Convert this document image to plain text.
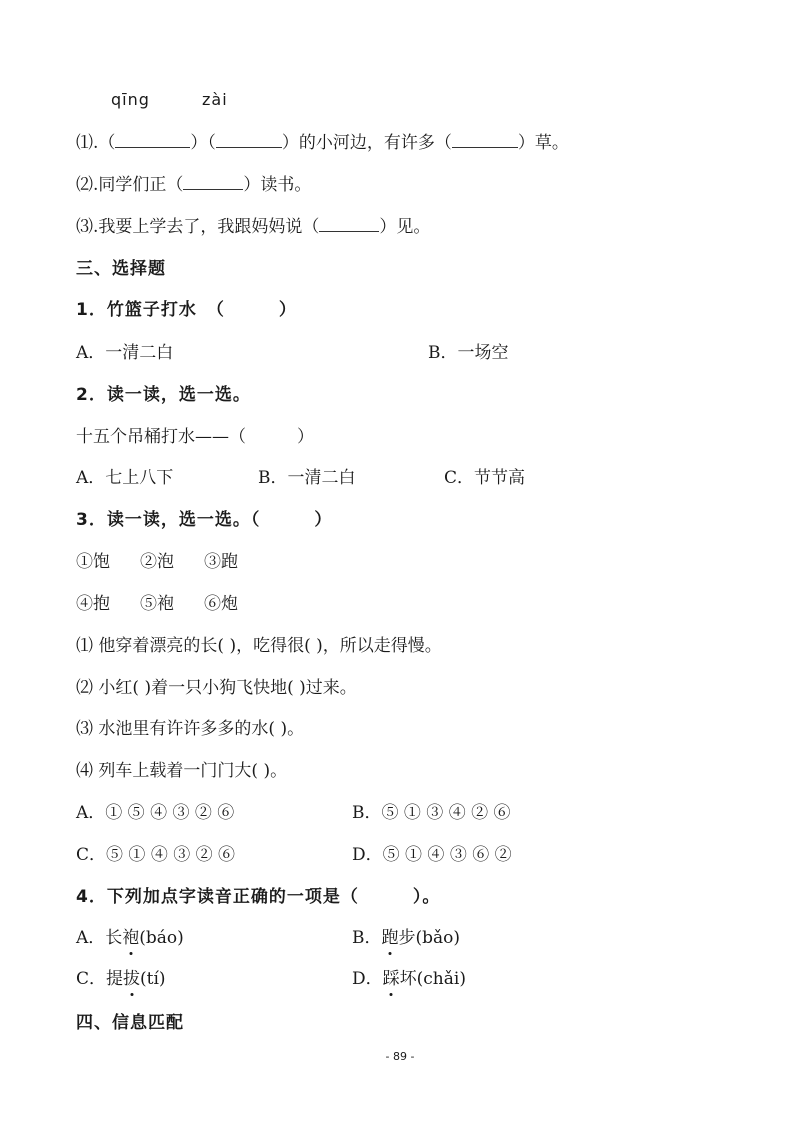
qīng	zài
⑴.（	）（	）的小河边，有许多（	）草。
⑵.同学们正（	）读书。
⑶.我要上学去了，我跟妈妈说（	）见。
三、选择题
1．竹篮子打水 （　　　）
A．一清二白	B．一场空
2．读一读，选一选。
十五个吊桶打水——（　　　）
A．七上八下	B．一清二白	C．节节高
3．读一读，选一选。（　　　）
①饱 ②泡 ③跑
④抱 ⑤袍 ⑥炮
⑴ 他穿着漂亮的长( )，吃得很( )，所以走得慢。
⑵ 小红( )着一只小狗飞快地( )过来。
⑶ 水池里有许许多多的水( )。
⑷ 列车上载着一门门大( )。
A．① ⑤ ④ ③ ② ⑥	B．⑤ ① ③ ④ ② ⑥
C．⑤ ① ④ ③ ② ⑥	D．⑤ ① ④ ③ ⑥ ②
4．下列加点字读音正确的一项是（　　　）。
A．长袍(báo)	B．跑步(bǎo)
C．提拔(tí)	D．踩坏(chǎi)
四、信息匹配
- 89 -
